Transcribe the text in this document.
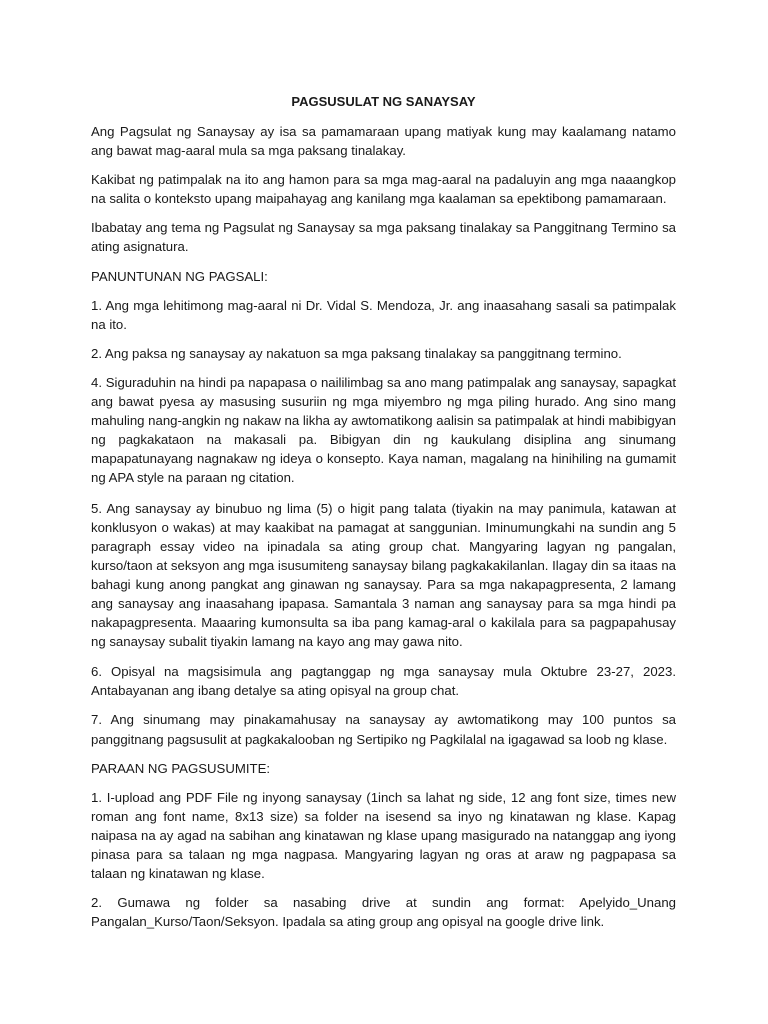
PAGSUSULAT NG SANAYSAY

Ang Pagsulat ng Sanaysay ay isa sa pamamaraan upang matiyak kung may kaalamang natamo ang bawat mag-aaral mula sa mga paksang tinalakay.

Kakibat ng patimpalak na ito ang hamon para sa mga mag-aaral na padaluyin ang mga naaangkop na salita o konteksto upang maipahayag ang kanilang mga kaalaman sa epektibong pamamaraan.

Ibabatay ang tema ng Pagsulat ng Sanaysay sa mga paksang tinalakay sa Panggitnang Termino sa ating asignatura.

PANUNTUNAN NG PAGSALI:

1. Ang mga lehitimong mag-aaral ni Dr. Vidal S. Mendoza, Jr. ang inaasahang sasali sa patimpalak na ito.

2. Ang paksa ng sanaysay ay nakatuon sa mga paksang tinalakay sa panggitnang termino.

4. Siguraduhin na hindi pa napapasa o naililimbag sa ano mang patimpalak ang sanaysay, sapagkat ang bawat pyesa ay masusing susuriin ng mga miyembro ng mga piling hurado. Ang sino mang mahuling nang-angkin ng nakaw na likha ay awtomatikong aalisin sa patimpalak at hindi mabibigyan ng pagkakataon na makasali pa. Bibigyan din ng kaukulang disiplina ang sinumang mapapatunayang nagnakaw ng ideya o konsepto. Kaya naman, magalang na hinihiling na gumamit ng APA style na paraan ng citation.

5. Ang sanaysay ay binubuo ng lima (5) o higit pang talata (tiyakin na may panimula, katawan at konklusyon o wakas) at may kaakibat na pamagat at sanggunian. Iminumungkahi na sundin ang 5 paragraph essay video na ipinadala sa ating group chat. Mangyaring lagyan ng pangalan, kurso/taon at seksyon ang mga isusumiteng sanaysay bilang pagkakakilanlan. Ilagay din sa itaas na bahagi kung anong pangkat ang ginawan ng sanaysay. Para sa mga nakapagpresenta, 2 lamang ang sanaysay ang inaasahang ipapasa. Samantala 3 naman ang sanaysay para sa mga hindi pa nakapagpresenta. Maaaring kumonsulta sa iba pang kamag-aral o kakilala para sa pagpapahusay ng sanaysay subalit tiyakin lamang na kayo ang may gawa nito.

6. Opisyal na magsisimula ang pagtanggap ng mga sanaysay mula Oktubre 23-27, 2023. Antabayanan ang ibang detalye sa ating opisyal na group chat.

7. Ang sinumang may pinakamahusay na sanaysay ay awtomatikong may 100 puntos sa panggitnang pagsusulit at pagkakalooban ng Sertipiko ng Pagkilalal na igagawad sa loob ng klase.

PARAAN NG PAGSUSUMITE:

1. I-upload ang PDF File ng inyong sanaysay (1inch sa lahat ng side, 12 ang font size, times new roman ang font name, 8x13 size) sa folder na isesend sa inyo ng kinatawan ng klase. Kapag naipasa na ay agad na sabihan ang kinatawan ng klase upang masigurado na natanggap ang iyong pinasa para sa talaan ng mga nagpasa. Mangyaring lagyan ng oras at araw ng pagpapasa sa talaan ng kinatawan ng klase.

2. Gumawa ng folder sa nasabing drive at sundin ang format: Apelyido_Unang Pangalan_Kurso/Taon/Seksyon. Ipadala sa ating group ang opisyal na google drive link.
